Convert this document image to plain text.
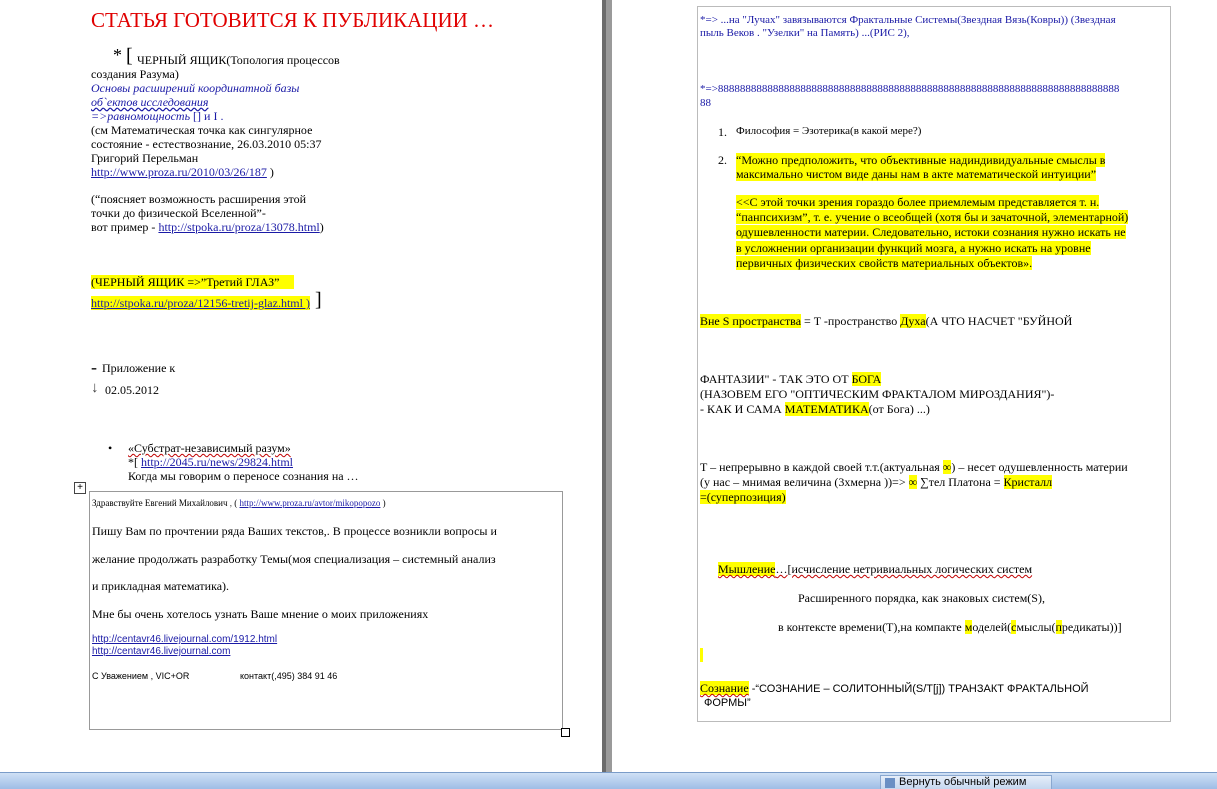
СТАТЬЯ ГОТОВИТСЯ К ПУБЛИКАЦИИ …
* [ ЧЕРНЫЙ ЯЩИК(Топология процессов
создания Разума)
Основы расширений координатной базы
об`ектов исследования
=>равномощность [] и I .
(см Математическая точка как сингулярное
состояние - естествознание, 26.03.2010 05:37
Григорий Перельман
http://www.proza.ru/2010/03/26/187 )
(“поясняет возможность расширения этой
точки до физической Вселенной”-
вот пример - http://stpoka.ru/proza/13078.html)
(ЧЕРНЫЙ ЯЩИК =>”Третий ГЛАЗ”
http://stpoka.ru/proza/12156-tretij-glaz.html ) ]
- Приложение к
↓ 02.05.2012
• «Субстрат-независимый разум»
*[ http://2045.ru/news/29824.html
Когда мы говорим о переносе сознания на …
+
Здравствуйте Евгений Михайлович , ( http://www.proza.ru/avtor/mikopopozo )
Пишу Вам по прочтении ряда Ваших текстов,. В процессе возникли вопросы и
желание продолжать разработку Темы(моя специализация – системный анализ
и прикладная математика).
Мне бы очень хотелось узнать Ваше мнение о моих приложениях
http://centavr46.livejournal.com/1912.html
http://centavr46.livejournal.com
С Уважением , VIC+OR	контакт(,495) 384 91 46
*=> ...на "Лучах" завязываются Фрактальные Системы(Звездная Вязь(Ковры)) (Звездная
пыль Веков . "Узелки" на Память) ...(РИС 2),
*=>8888888888888888888888888888888888888888888888888888888888888888888888888
88
1. Философия = Эзотерика(в какой мере?)
2. “Можно предположить, что объективные надиндивидуальные смыслы в
максимально чистом виде даны нам в акте математической интуиции”
<<С этой точки зрения гораздо более приемлемым представляется т. н.
“панпсихизм”, т. е. учение о всеобщей (хотя бы и зачаточной, элементарной)
одушевленности материи. Следовательно, истоки сознания нужно искать не
в усложнении организации функций мозга, а нужно искать на уровне
первичных физических свойств материальных объектов».
Вне S пространства = T -пространство Духа(А ЧТО НАСЧЕТ "БУЙНОЙ
ФАНТАЗИИ" - ТАК ЭТО ОТ БОГА
(НАЗОВЕМ ЕГО "ОПТИЧЕСКИМ ФРАКТАЛОМ МИРОЗДАНИЯ")-
- КАК И САМА МАТЕМАТИКА(от Бога) ...)
T – непрерывно в каждой своей т.т.(актуальная ∞) – несет одушевленность материи
(у нас – мнимая величина (3хмерна ))=> ∞ ∑тел Платона = Кристалл
=(суперпозиция)
Мышление…[исчисление нетривиальных логических систем
Расширенного порядка, как знаковых систем(S),
в контексте времени(T),на компакте моделей(смыслы(предикаты))]
Сознание -“СОЗНАНИЕ – СОЛИТОННЫЙ(S/T[j]) ТРАНЗАКТ ФРАКТАЛЬНОЙ
ФОРМЫ”
Вернуть обычный режим
